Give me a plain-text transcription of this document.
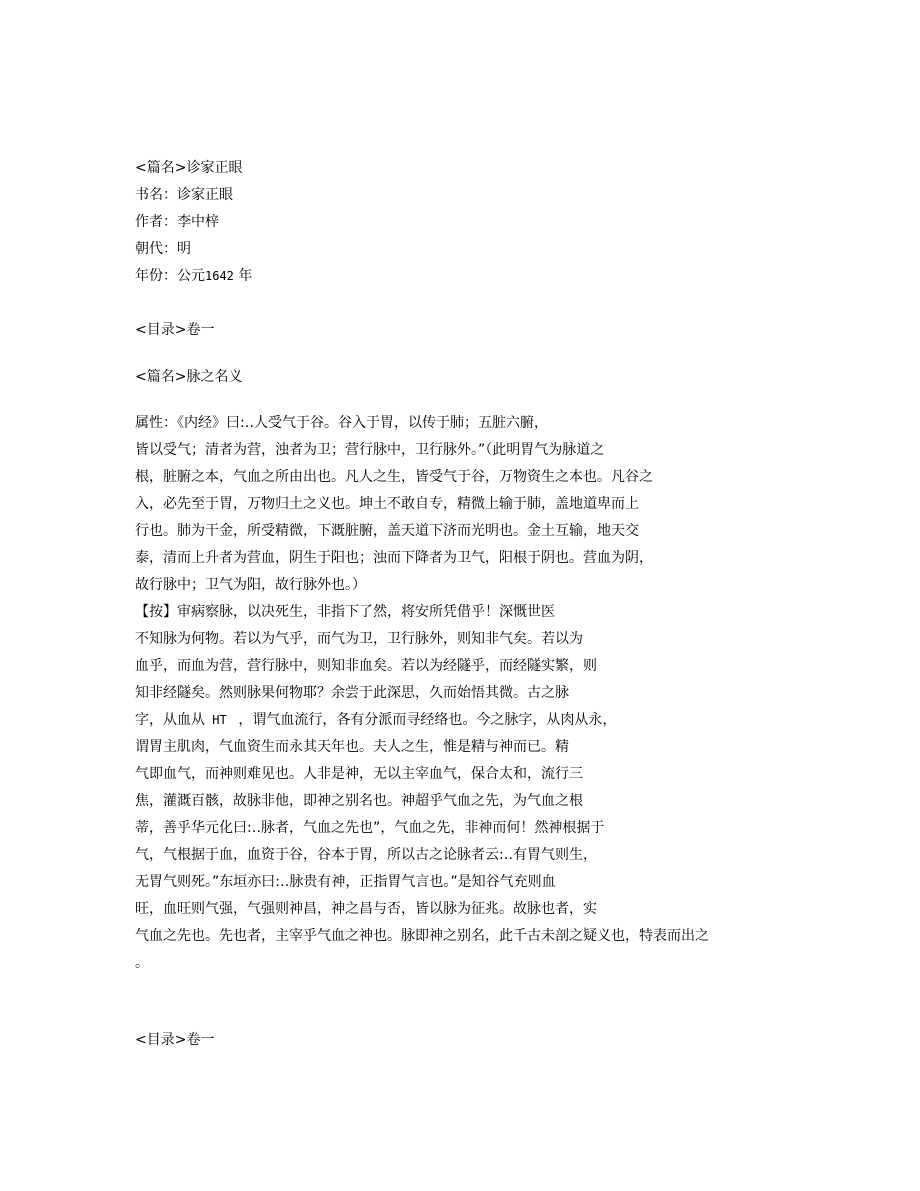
<篇名>诊家正眼
书名：诊家正眼
作者：李中梓
朝代：明
年份：公元1642 年
<目录>卷一
<篇名>脉之名义
属性：《内经》曰:‥人受气于谷。谷入于胃，以传于肺；五脏六腑，
皆以受气；清者为营，浊者为卫；营行脉中，卫行脉外。”（此明胃气为脉道之
根，脏腑之本，气血之所由出也。凡人之生，皆受气于谷，万物资生之本也。凡谷之
入，必先至于胃，万物归土之义也。坤土不敢自专，精微上输于肺，盖地道卑而上
行也。肺为干金，所受精微，下溉脏腑，盖天道下济而光明也。金土互输，地天交
泰，清而上升者为营血，阴生于阳也；浊而下降者为卫气，阳根于阴也。营血为阴，
故行脉中；卫气为阳，故行脉外也。）
【按】审病察脉，以决死生，非指下了然，将安所凭借乎！深慨世医
不知脉为何物。若以为气乎，而气为卫，卫行脉外，则知非气矣。若以为
血乎，而血为营，营行脉中，则知非血矣。若以为经隧乎，而经隧实繁，则
知非经隧矣。然则脉果何物耶？余尝于此深思，久而始悟其微。古之脉
字，从血从 HT  ，谓气血流行，各有分派而寻经络也。今之脉字，从肉从永，
谓胃主肌肉，气血资生而永其天年也。夫人之生，惟是精与神而已。精
气即血气，而神则难见也。人非是神，无以主宰血气，保合太和，流行三
焦，灌溉百骸，故脉非他，即神之别名也。神超乎气血之先，为气血之根
蒂，善乎华元化曰:‥脉者，气血之先也”，气血之先，非神而何！然神根据于
气，气根据于血，血资于谷，谷本于胃，所以古之论脉者云:‥有胃气则生，
无胃气则死。”东垣亦曰:‥脉贵有神，正指胃气言也。”是知谷气充则血
旺，血旺则气强，气强则神昌，神之昌与否，皆以脉为征兆。故脉也者，实
气血之先也。先也者，主宰乎气血之神也。脉即神之别名，此千古未剖之疑义也，特表而出之
。
<目录>卷一
